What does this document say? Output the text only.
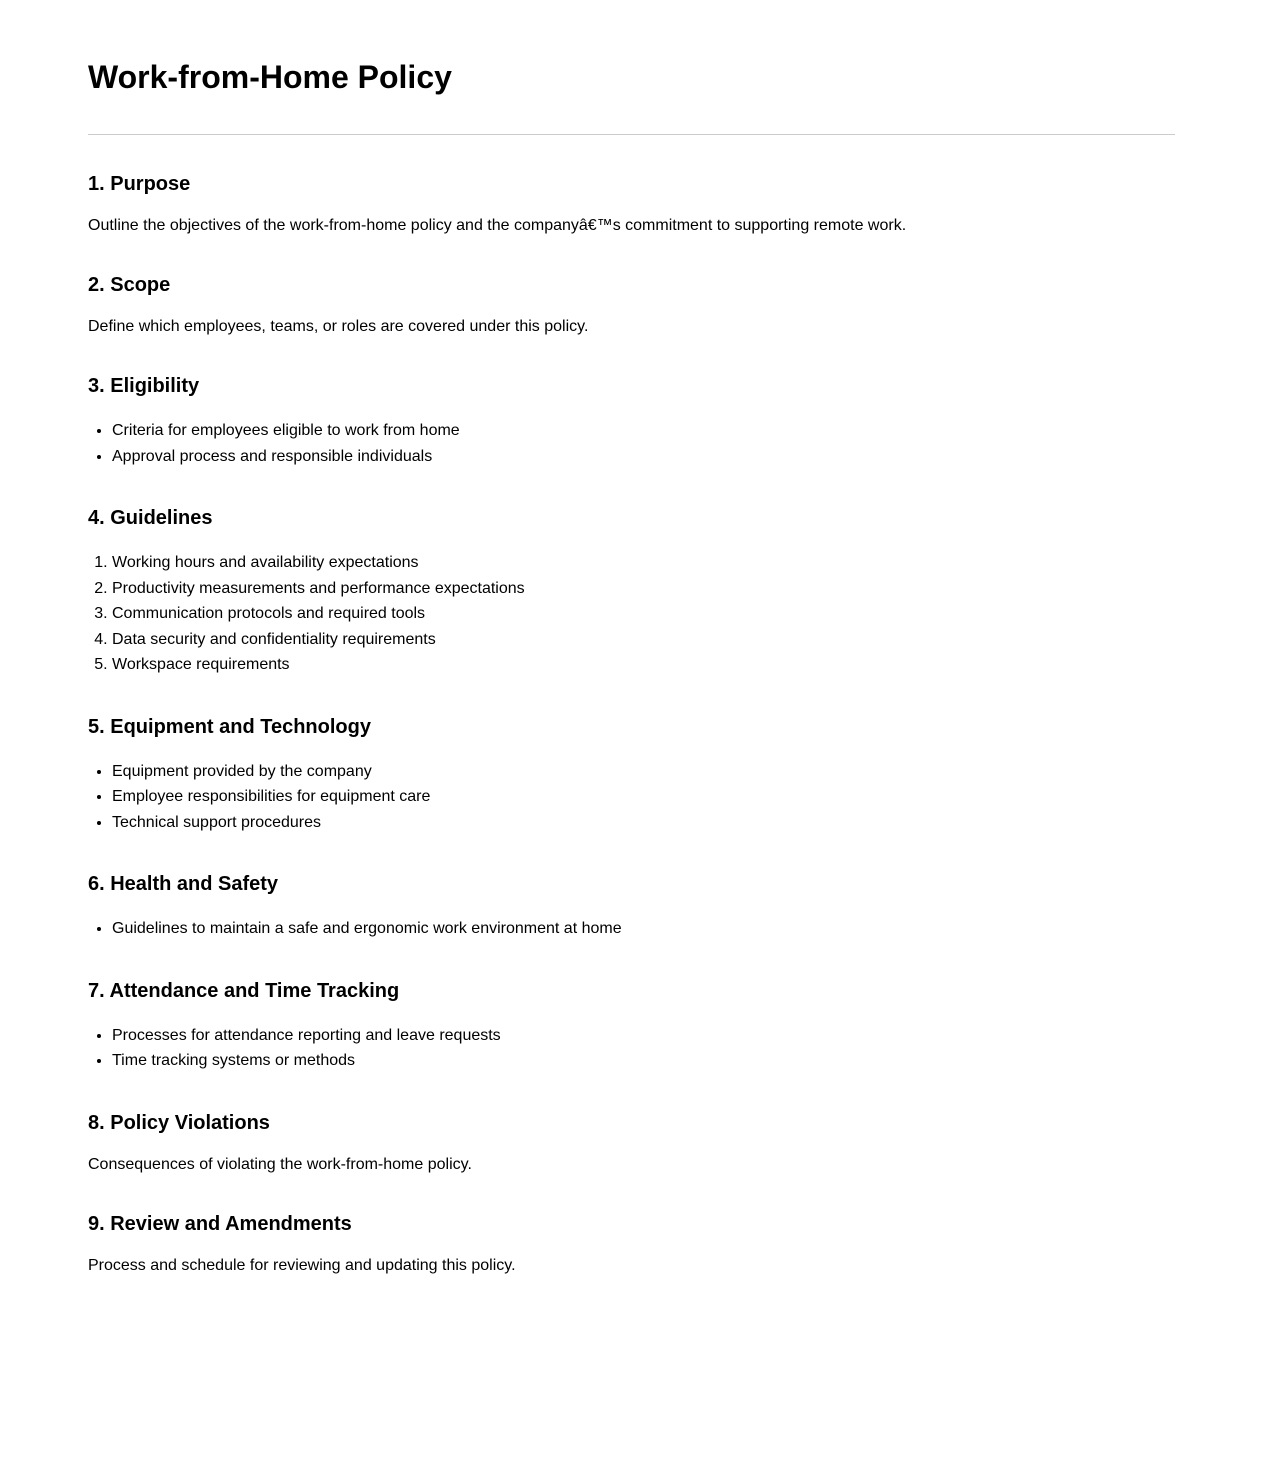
Work-from-Home Policy
1. Purpose

Outline the objectives of the work-from-home policy and the companyâ€™s commitment to supporting remote work.

2. Scope

Define which employees, teams, or roles are covered under this policy.

3. Eligibility
• Criteria for employees eligible to work from home
• Approval process and responsible individuals
4. Guidelines
1. Working hours and availability expectations
2. Productivity measurements and performance expectations
3. Communication protocols and required tools
4. Data security and confidentiality requirements
5. Workspace requirements
5. Equipment and Technology
• Equipment provided by the company
• Employee responsibilities for equipment care
• Technical support procedures
6. Health and Safety
• Guidelines to maintain a safe and ergonomic work environment at home
7. Attendance and Time Tracking
• Processes for attendance reporting and leave requests
• Time tracking systems or methods
8. Policy Violations

Consequences of violating the work-from-home policy.

9. Review and Amendments

Process and schedule for reviewing and updating this policy.
